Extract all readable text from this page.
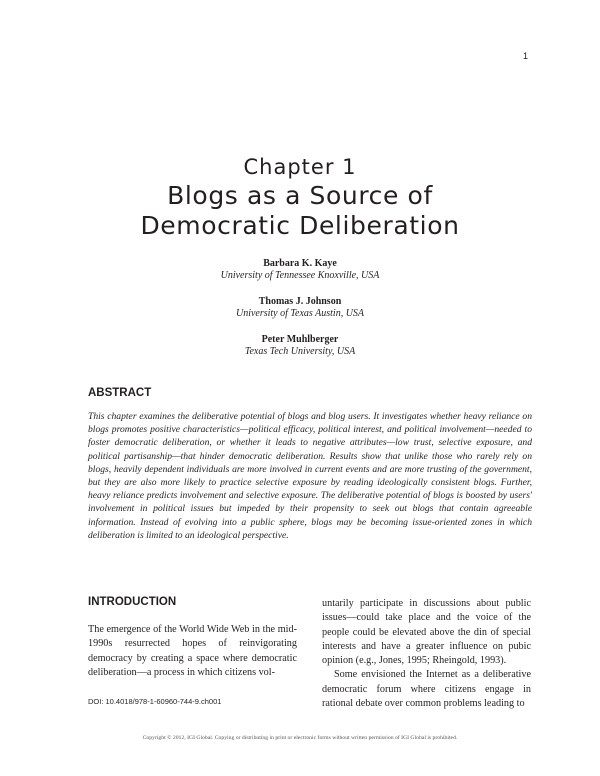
1
Chapter 1
Blogs as a Source of
Democratic Deliberation
Barbara K. Kaye
University of Tennessee Knoxville, USA
Thomas J. Johnson
University of Texas Austin, USA
Peter Muhlberger
Texas Tech University, USA
ABSTRACT
This chapter examines the deliberative potential of blogs and blog users. It investigates whether heavy reliance on blogs promotes positive characteristics—political efficacy, political interest, and political involvement—needed to foster democratic deliberation, or whether it leads to negative attributes—low trust, selective exposure, and political partisanship—that hinder democratic deliberation. Results show that unlike those who rarely rely on blogs, heavily dependent individuals are more involved in current events and are more trusting of the government, but they are also more likely to practice selective exposure by reading ideologically consistent blogs. Further, heavy reliance predicts involvement and selective exposure. The deliberative potential of blogs is boosted by users' involvement in political issues but impeded by their propensity to seek out blogs that contain agreeable information. Instead of evolving into a public sphere, blogs may be becoming issue-oriented zones in which deliberation is limited to an ideological perspective.
INTRODUCTION
The emergence of the World Wide Web in the mid-1990s resurrected hopes of reinvigorating democracy by creating a space where democratic deliberation—a process in which citizens vol-

untarily participate in discussions about public issues—could take place and the voice of the people could be elevated above the din of special interests and have a greater influence on pubic opinion (e.g., Jones, 1995; Rheingold, 1993).

Some envisioned the Internet as a deliberative democratic forum where citizens engage in rational debate over common problems leading to

DOI: 10.4018/978-1-60960-744-9.ch001
Copyright © 2012, IGI Global. Copying or distributing in print or electronic forms without written permission of IGI Global is prohibited.
